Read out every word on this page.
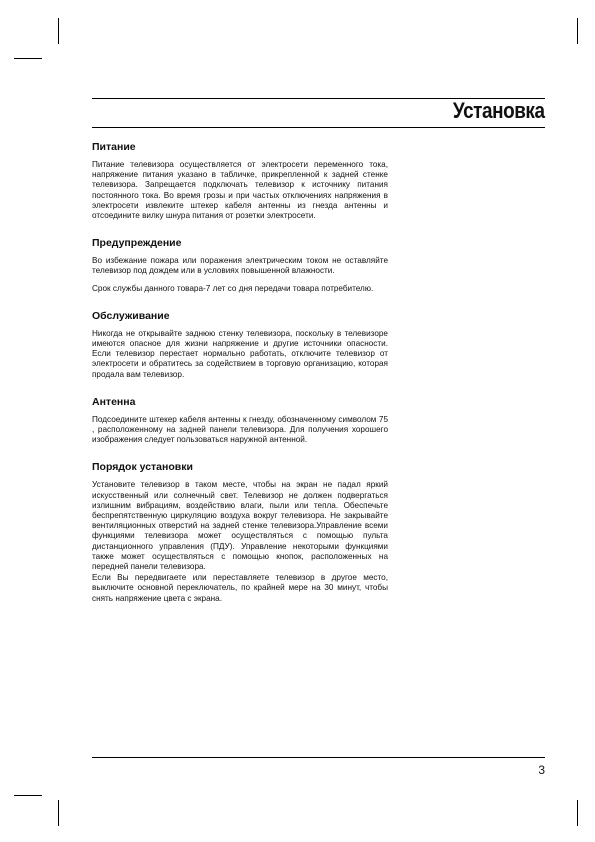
Установка
Питание

Питание телевизора осуществляется от электросети переменного тока, напряжение питания указано в табличке, прикрепленной к задней стенке телевизора. Запрещается подключать телевизор к источнику питания постоянного тока. Во время грозы и при частых отключениях напряжения в электросети извлеките штекер кабеля антенны из гнезда антенны и отсоедините вилку шнура питания от розетки электросети.

Предупреждение

Во избежание пожара или поражения электрическим током не оставляйте телевизор под дождем или в условиях повышенной влажности.

Срок службы данного товара-7 лет со дня передачи товара потребителю.

Обслуживание

Никогда не открывайте заднюю стенку телевизора, поскольку в телевизоре имеются опасное для жизни напряжение и другие источники опасности. Если телевизор перестает нормально работать, отключите телевизор от электросети и обратитесь за содействием в торговую организацию, которая продала вам телевизор.

Антенна

Подсоедините штекер кабеля антенны к гнезду, обозначенному символом 75 , расположенному на задней панели телевизора. Для получения хорошего изображения следует пользоваться наружной антенной.

Порядок установки

Установите телевизор в таком месте, чтобы на экран не падал яркий искусственный или солнечный свет. Телевизор не должен подвергаться излишним вибрациям, воздействию влаги, пыли или тепла. Обеспечьте беспрепятственную циркуляцию воздуха вокруг телевизора. Не закрывайте вентиляционных отверстий на задней стенке телевизора.Управление всеми функциями телевизора может осуществляться с помощью пульта дистанционного управления (ПДУ). Управление некоторыми функциями также может осуществляться с помощью кнопок, расположенных на передней панели телевизора.

Если Вы передвигаете или переставляете телевизор в другое место, выключите основной переключатель, по крайней мере на 30 минут, чтобы снять напряжение цвета с экрана.

3
